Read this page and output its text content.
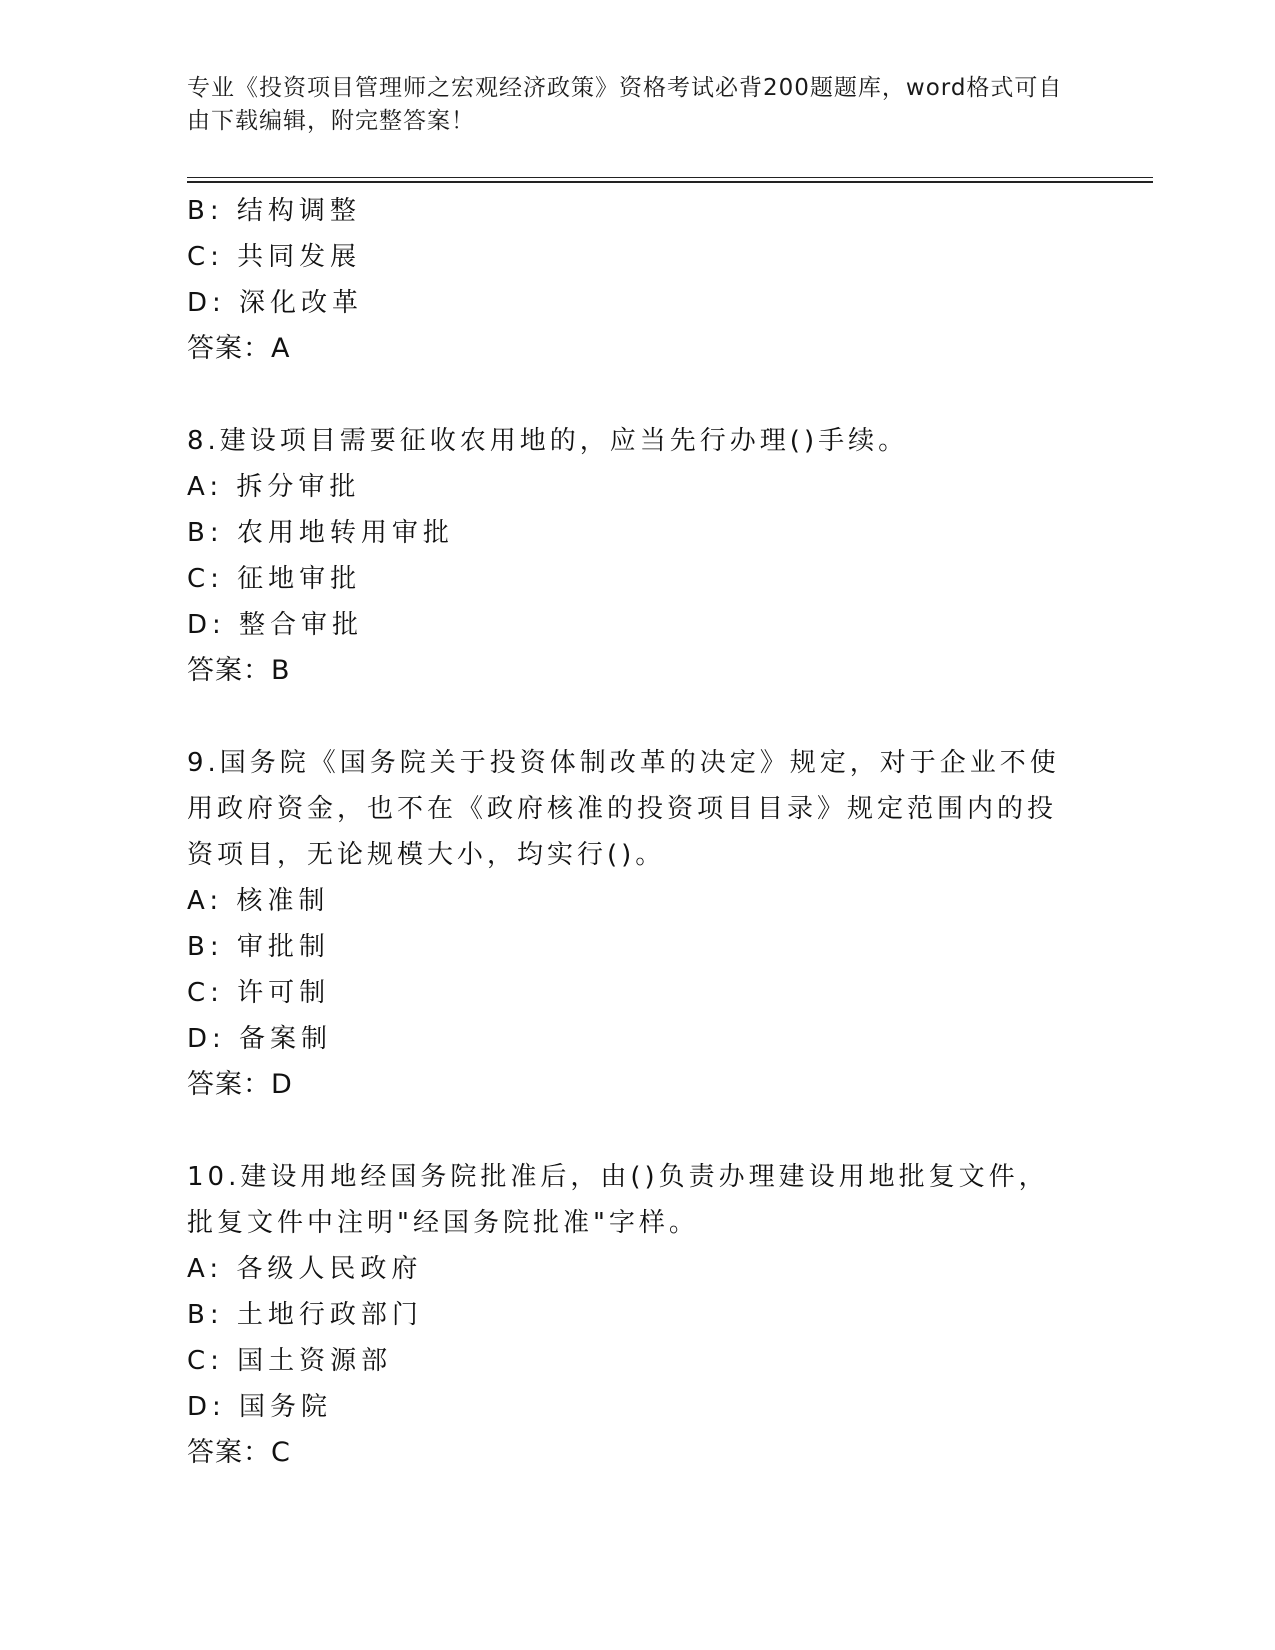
专业《投资项目管理师之宏观经济政策》资格考试必背200题题库，word格式可自由下载编辑，附完整答案！
B: 结构调整
C: 共同发展
D: 深化改革
答案：A
8.建设项目需要征收农用地的，应当先行办理()手续。
A: 拆分审批
B: 农用地转用审批
C: 征地审批
D: 整合审批
答案：B
9.国务院《国务院关于投资体制改革的决定》规定，对于企业不使用政府资金，也不在《政府核准的投资项目目录》规定范围内的投资项目，无论规模大小，均实行()。
A: 核准制
B: 审批制
C: 许可制
D: 备案制
答案：D
10.建设用地经国务院批准后，由()负责办理建设用地批复文件，批复文件中注明"经国务院批准"字样。
A: 各级人民政府
B: 土地行政部门
C: 国土资源部
D: 国务院
答案：C
